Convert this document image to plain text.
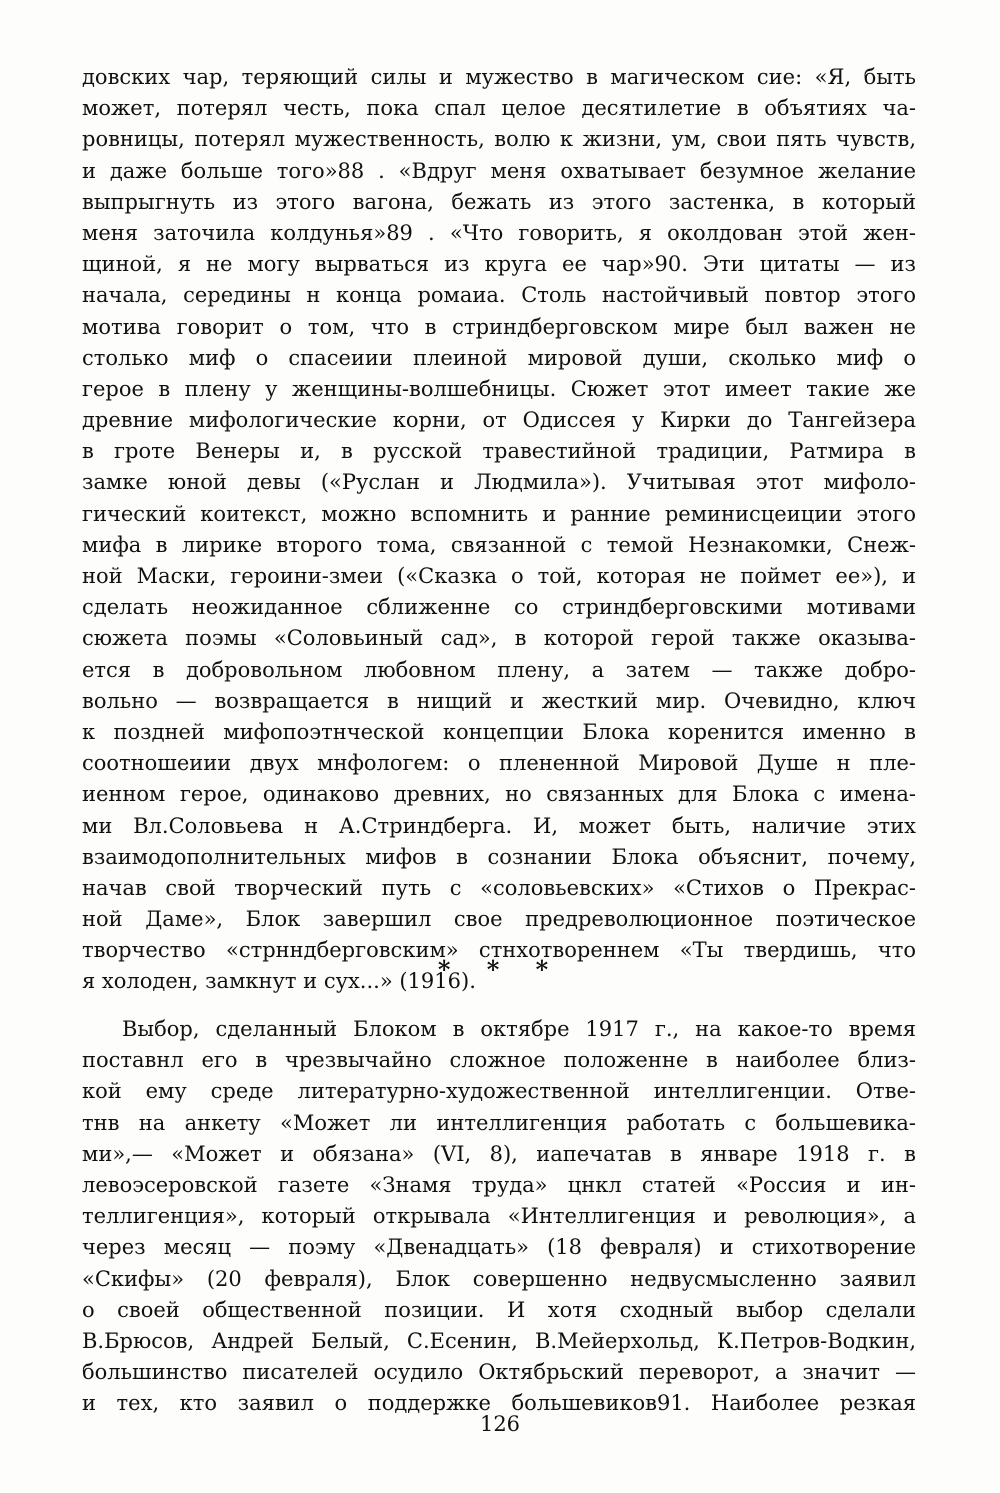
довских чар, теряющий силы и мужество в магическом сие: «Я, быть
может, потерял честь, пока спал целое десятилетие в объятиях ча-
ровницы, потерял мужественность, волю к жизни, ум, свои пять чувств,
и даже больше того»88 . «Вдруг меня охватывает безумное желание
выпрыгнуть из этого вагона, бежать из этого застенка, в который
меня заточила колдунья»89 . «Что говорить, я околдован этой жен-
щиной, я не могу вырваться из круга ее чар»90. Эти цитаты — из
начала, середины н конца ромаиа. Столь настойчивый повтор этого
мотива говорит о том, что в стриндберговском мире был важен не
столько миф о спасеиии плеиной мировой души, сколько миф о
герое в плену у женщины-волшебницы. Сюжет этот имеет такие же
древние мифологические корни, от Одиссея у Кирки до Тангейзера
в гроте Венеры и, в русской травестийной традиции, Ратмира в
замке юной девы («Руслан и Людмила»). Учитывая этот мифоло-
гический коитекст, можно вспомнить и ранние реминисцеиции этого
мифа в лирике второго тома, связанной с темой Незнакомки, Снеж-
ной Маски, героини-змеи («Сказка о той, которая не поймет ее»), и
сделать неожиданное сближенне со стриндберговскими мотивами
сюжета поэмы «Соловьиный сад», в которой герой также оказыва-
ется в добровольном любовном плену, а затем — также добро-
вольно — возвращается в нищий и жесткий мир. Очевидно, ключ
к поздней мифопоэтнческой концепции Блока коренится именно в
соотношеиии двух мнфологем: о плененной Мировой Душе н пле-
иенном герое, одинаково древних, но связанных для Блока с имена-
ми Вл.Соловьева н А.Стриндберга. И, может быть, наличие этих
взаимодополнительных мифов в сознании Блока объяснит, почему,
начав свой творческий путь с «соловьевских» «Стихов о Прекрас-
ной Даме», Блок завершил свое предреволюционное поэтическое
творчество «стрнндберговским» стнхотвореннем «Ты твердишь, что
я холоден, замкнут и сух...» (1916).
* * *
Выбор, сделанный Блоком в октябре 1917 г., на какое-то время
поставнл его в чрезвычайно сложное положенне в наиболее близ-
кой ему среде литературно-художественной интеллигенции. Отве-
тнв на анкету «Может ли интеллигенция работать с большевика-
ми»,— «Может и обязана» (VI, 8), иапечатав в январе 1918 г. в
левоэсеровской газете «Знамя труда» цнкл статей «Россия и ин-
теллигенция», который открывала «Интеллигенция и революция», а
через месяц — поэму «Двенадцать» (18 февраля) и стихотворение
«Скифы» (20 февраля), Блок совершенно недвусмысленно заявил
о своей общественной позиции. И хотя сходный выбор сделали
В.Брюсов, Андрей Белый, С.Есенин, В.Мейерхольд, К.Петров-Водкин,
большинство писателей осудило Октябрьский переворот, а значит —
и тех, кто заявил о поддержке большевиков91. Наиболее резкая
126
